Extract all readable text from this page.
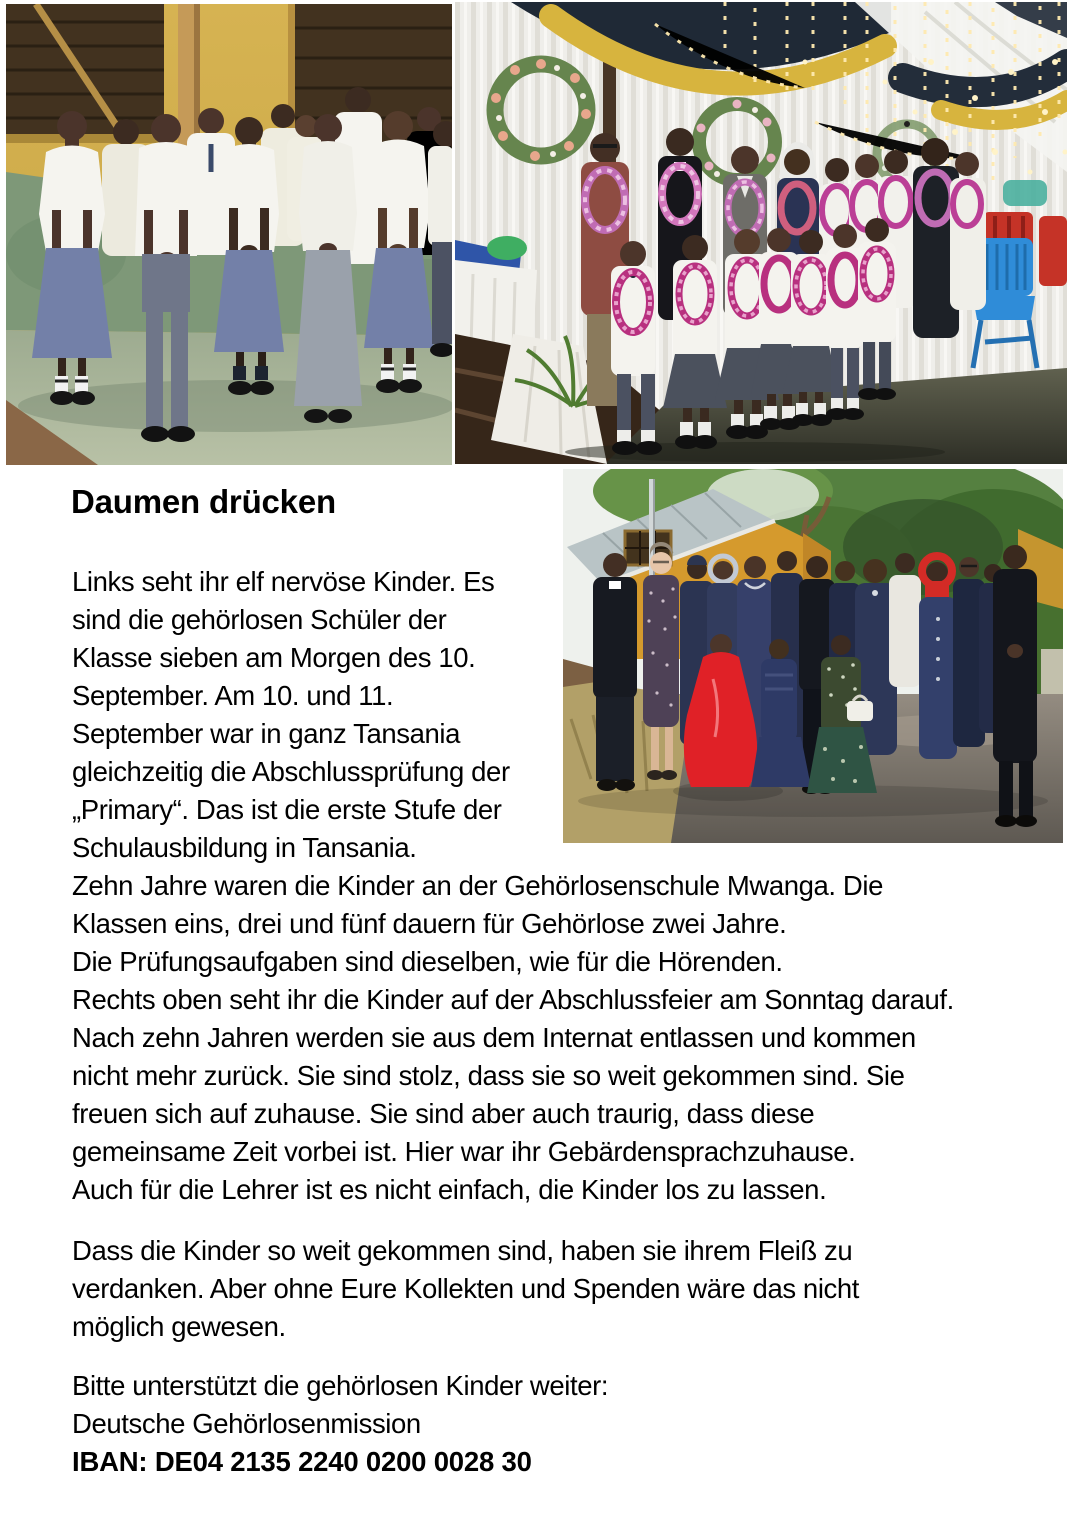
Daumen drücken
Links seht ihr elf nervöse Kinder. Es
sind die gehörlosen Schüler der
Klasse sieben am Morgen des 10.
September. Am 10. und 11.
September war in ganz Tansania
gleichzeitig die Abschlussprüfung der
„Primary“. Das ist die erste Stufe der
Schulausbildung in Tansania.
Zehn Jahre waren die Kinder an der Gehörlosenschule Mwanga. Die
Klassen eins, drei und fünf dauern für Gehörlose zwei Jahre.
Die Prüfungsaufgaben sind dieselben, wie für die Hörenden.
Rechts oben seht ihr die Kinder auf der Abschlussfeier am Sonntag darauf.
Nach zehn Jahren werden sie aus dem Internat entlassen und kommen
nicht mehr zurück. Sie sind stolz, dass sie so weit gekommen sind. Sie
freuen sich auf zuhause. Sie sind aber auch traurig, dass diese
gemeinsame Zeit vorbei ist. Hier war ihr Gebärdensprachzuhause.
Auch für die Lehrer ist es nicht einfach, die Kinder los zu lassen.
Dass die Kinder so weit gekommen sind, haben sie ihrem Fleiß zu
verdanken. Aber ohne Eure Kollekten und Spenden wäre das nicht
möglich gewesen.
Bitte unterstützt die gehörlosen Kinder weiter:
Deutsche Gehörlosenmission
IBAN: DE04 2135 2240 0200 0028 30
